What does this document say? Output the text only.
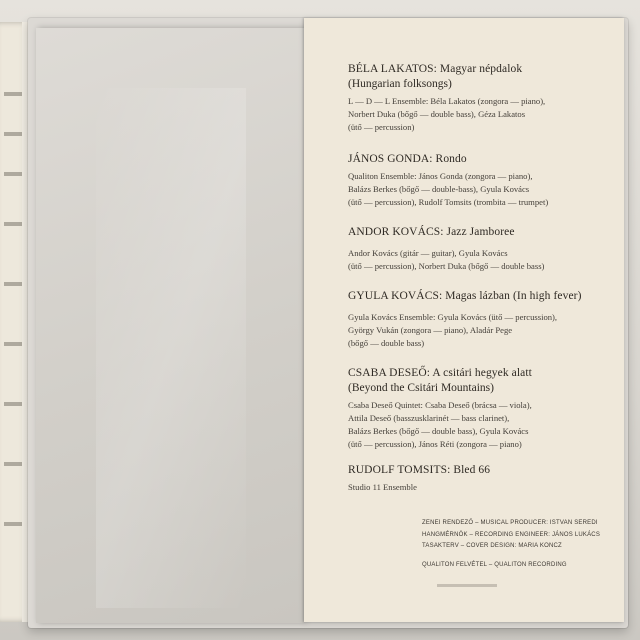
BÉLA LAKATOS: Magyar népdalok
(Hungarian folksongs)
L — D — L Ensemble: Béla Lakatos (zongora — piano),
Norbert Duka (bőgő — double bass), Géza Lakatos
(ütő — percussion)
JÁNOS GONDA: Rondo
Qualiton Ensemble: János Gonda (zongora — piano),
Balázs Berkes (bőgő — double-bass), Gyula Kovács
(ütő — percussion), Rudolf Tomsits (trombita — trumpet)
ANDOR KOVÁCS: Jazz Jamboree
Andor Kovács (gitár — guitar), Gyula Kovács
(ütő — percussion), Norbert Duka (bőgő — double bass)
GYULA KOVÁCS: Magas lázban (In high fever)
Gyula Kovács Ensemble: Gyula Kovács (ütő — percussion),
György Vukán (zongora — piano), Aladár Pege
(bőgő — double bass)
CSABA DESEŐ: A csitári hegyek alatt
(Beyond the Csitári Mountains)
Csaba Deseő Quintet: Csaba Deseő (brácsa — viola),
Attila Deseő (basszusklarinét — bass clarinet),
Balázs Berkes (bőgő — double bass), Gyula Kovács
(ütő — percussion), János Réti (zongora — piano)
RUDOLF TOMSITS: Bled 66
Studio 11 Ensemble
ZENEI RENDEZŐ – MUSICAL PRODUCER: ISTVAN SEREDI
HANGMÉRNÖK – RECORDING ENGINEER: JÁNOS LUKÁCS
TASAKTERV – COVER DESIGN: MARIA KONCZ
QUALITON FELVÉTEL – QUALITON RECORDING
